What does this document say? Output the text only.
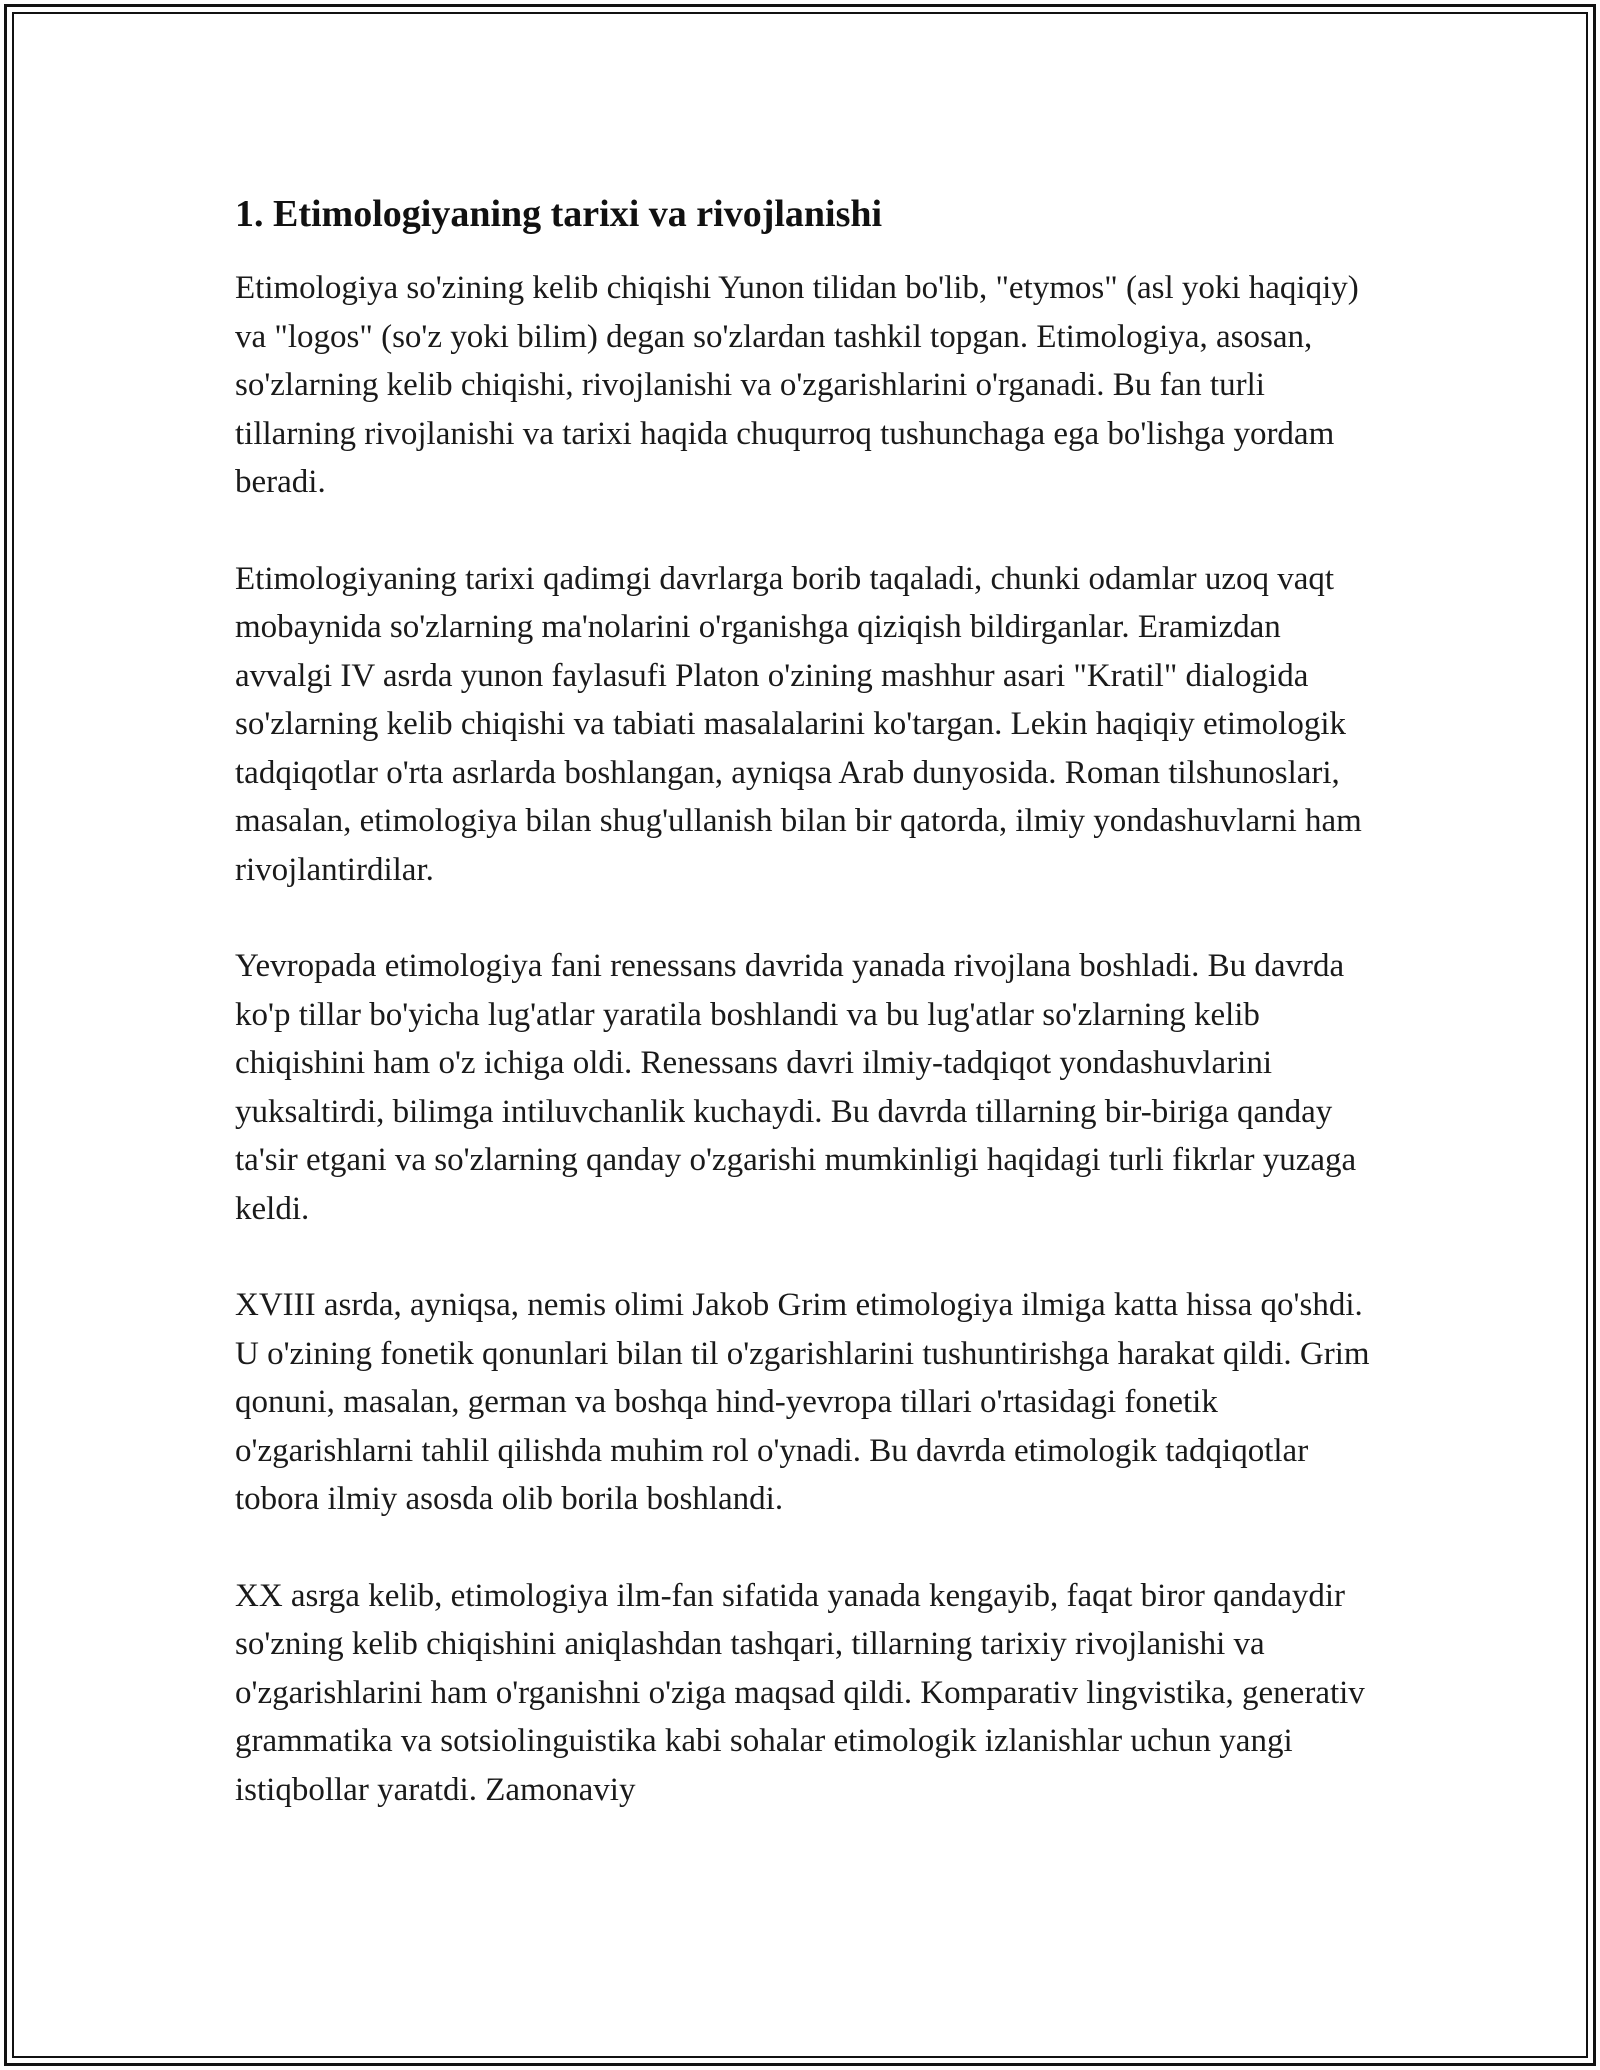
1. Etimologiyaning tarixi va rivojlanishi

Etimologiya so'zining kelib chiqishi Yunon tilidan bo'lib, "etymos" (asl yoki haqiqiy) va "logos" (so'z yoki bilim) degan so'zlardan tashkil topgan. Etimologiya, asosan, so'zlarning kelib chiqishi, rivojlanishi va o'zgarishlarini o'rganadi. Bu fan turli tillarning rivojlanishi va tarixi haqida chuqurroq tushunchaga ega bo'lishga yordam beradi.

Etimologiyaning tarixi qadimgi davrlarga borib taqaladi, chunki odamlar uzoq vaqt mobaynida so'zlarning ma'nolarini o'rganishga qiziqish bildirganlar. Eramizdan avvalgi IV asrda yunon faylasufi Platon o'zining mashhur asari "Kratil" dialogida so'zlarning kelib chiqishi va tabiati masalalarini ko'targan. Lekin haqiqiy etimologik tadqiqotlar o'rta asrlarda boshlangan, ayniqsa Arab dunyosida. Roman tilshunoslari, masalan, etimologiya bilan shug'ullanish bilan bir qatorda, ilmiy yondashuvlarni ham rivojlantirdilar.

Yevropada etimologiya fani renessans davrida yanada rivojlana boshladi. Bu davrda ko'p tillar bo'yicha lug'atlar yaratila boshlandi va bu lug'atlar so'zlarning kelib chiqishini ham o'z ichiga oldi. Renessans davri ilmiy-tadqiqot yondashuvlarini yuksaltirdi, bilimga intiluvchanlik kuchaydi. Bu davrda tillarning bir-biriga qanday ta'sir etgani va so'zlarning qanday o'zgarishi mumkinligi haqidagi turli fikrlar yuzaga keldi.

XVIII asrda, ayniqsa, nemis olimi Jakob Grim etimologiya ilmiga katta hissa qo'shdi. U o'zining fonetik qonunlari bilan til o'zgarishlarini tushuntirishga harakat qildi. Grim qonuni, masalan, german va boshqa hind-yevropa tillari o'rtasidagi fonetik o'zgarishlarni tahlil qilishda muhim rol o'ynadi. Bu davrda etimologik tadqiqotlar tobora ilmiy asosda olib borila boshlandi.

XX asrga kelib, etimologiya ilm-fan sifatida yanada kengayib, faqat biror qandaydir so'zning kelib chiqishini aniqlashdan tashqari, tillarning tarixiy rivojlanishi va o'zgarishlarini ham o'rganishni o'ziga maqsad qildi. Komparativ lingvistika, generativ grammatika va sotsiolinguistika kabi sohalar etimologik izlanishlar uchun yangi istiqbollar yaratdi. Zamonaviy
